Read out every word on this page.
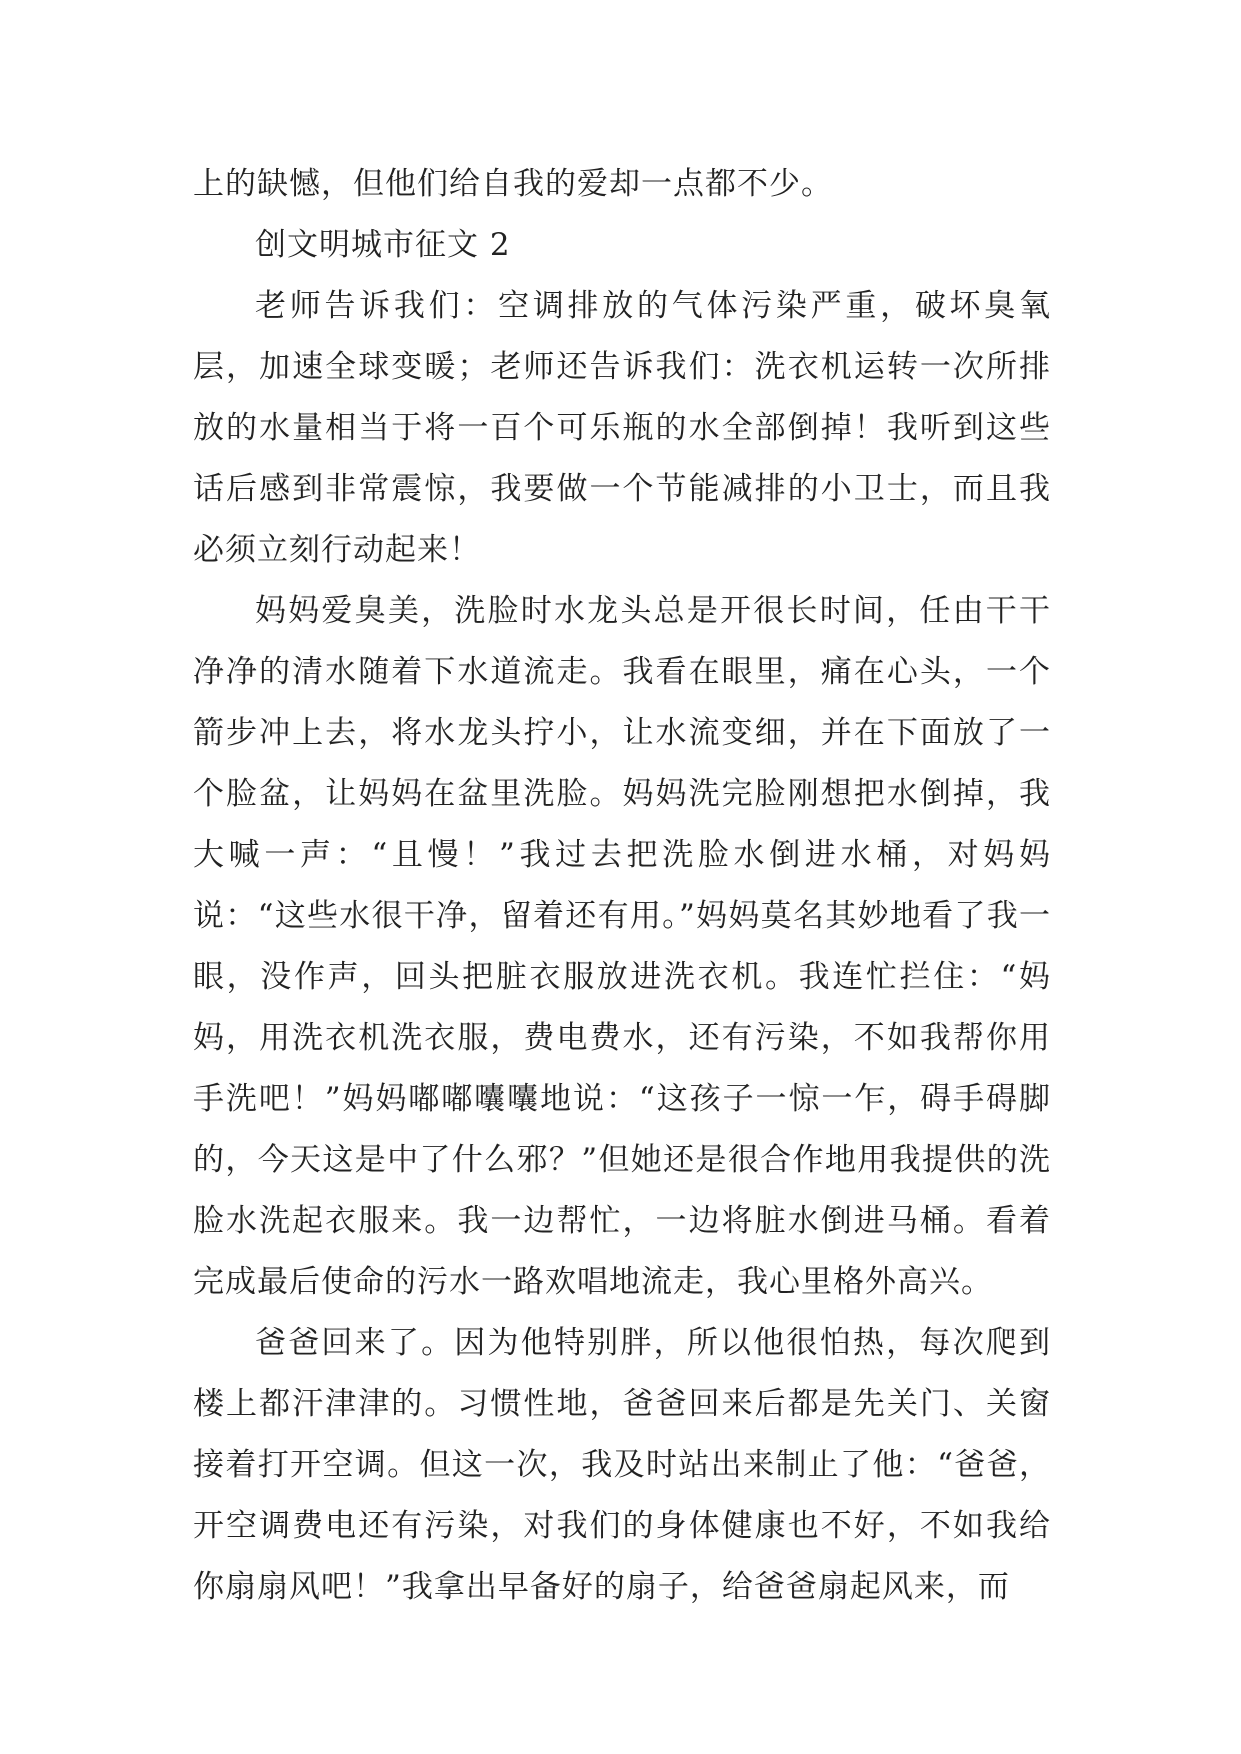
上的缺憾，但他们给自我的爱却一点都不少。

创文明城市征文 2

老师告诉我们：空调排放的气体污染严重，破坏臭氧层，加速全球变暖；老师还告诉我们：洗衣机运转一次所排放的水量相当于将一百个可乐瓶的水全部倒掉！我听到这些话后感到非常震惊，我要做一个节能减排的小卫士，而且我必须立刻行动起来！

妈妈爱臭美，洗脸时水龙头总是开很长时间，任由干干净净的清水随着下水道流走。我看在眼里，痛在心头，一个箭步冲上去，将水龙头拧小，让水流变细，并在下面放了一个脸盆，让妈妈在盆里洗脸。妈妈洗完脸刚想把水倒掉，我大喊一声：“且慢！”我过去把洗脸水倒进水桶，对妈妈说：“这些水很干净，留着还有用。”妈妈莫名其妙地看了我一眼，没作声，回头把脏衣服放进洗衣机。我连忙拦住：“妈妈，用洗衣机洗衣服，费电费水，还有污染，不如我帮你用手洗吧！”妈妈嘟嘟囔囔地说：“这孩子一惊一乍，碍手碍脚的，今天这是中了什么邪？”但她还是很合作地用我提供的洗脸水洗起衣服来。我一边帮忙，一边将脏水倒进马桶。看着完成最后使命的污水一路欢唱地流走，我心里格外高兴。

爸爸回来了。因为他特别胖，所以他很怕热，每次爬到楼上都汗津津的。习惯性地，爸爸回来后都是先关门、关窗接着打开空调。但这一次，我及时站出来制止了他：“爸爸，开空调费电还有污染，对我们的身体健康也不好，不如我给你扇扇风吧！”我拿出早备好的扇子，给爸爸扇起风来，而
